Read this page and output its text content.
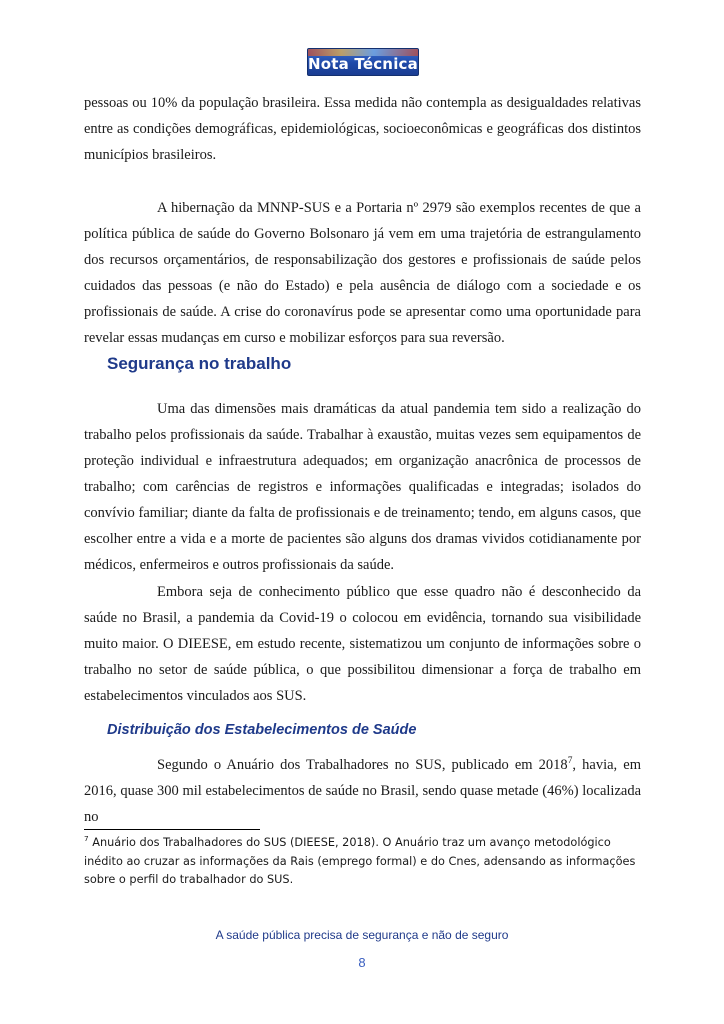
Nota Técnica

pessoas ou 10% da população brasileira. Essa medida não contempla as desigualdades relativas entre as condições demográficas, epidemiológicas, socioeconômicas e geográficas dos distintos municípios brasileiros.

A hibernação da MNNP-SUS e a Portaria nº 2979 são exemplos recentes de que a política pública de saúde do Governo Bolsonaro já vem em uma trajetória de estrangulamento dos recursos orçamentários, de responsabilização dos gestores e profissionais de saúde pelos cuidados das pessoas (e não do Estado) e pela ausência de diálogo com a sociedade e os profissionais de saúde. A crise do coronavírus pode se apresentar como uma oportunidade para revelar essas mudanças em curso e mobilizar esforços para sua reversão.

Segurança no trabalho

Uma das dimensões mais dramáticas da atual pandemia tem sido a realização do trabalho pelos profissionais da saúde. Trabalhar à exaustão, muitas vezes sem equipamentos de proteção individual e infraestrutura adequados; em organização anacrônica de processos de trabalho; com carências de registros e informações qualificadas e integradas; isolados do convívio familiar; diante da falta de profissionais e de treinamento; tendo, em alguns casos, que escolher entre a vida e a morte de pacientes são alguns dos dramas vividos cotidianamente por médicos, enfermeiros e outros profissionais da saúde.

Embora seja de conhecimento público que esse quadro não é desconhecido da saúde no Brasil, a pandemia da Covid-19 o colocou em evidência, tornando sua visibilidade muito maior. O DIEESE, em estudo recente, sistematizou um conjunto de informações sobre o trabalho no setor de saúde pública, o que possibilitou dimensionar a força de trabalho em estabelecimentos vinculados aos SUS.

Distribuição dos Estabelecimentos de Saúde

Segundo o Anuário dos Trabalhadores no SUS, publicado em 2018$^7$, havia, em 2016, quase 300 mil estabelecimentos de saúde no Brasil, sendo quase metade (46%) localizada no

$^7$ Anuário dos Trabalhadores do SUS (DIEESE, 2018). O Anuário traz um avanço metodológico inédito ao cruzar as informações da Rais (emprego formal) e do Cnes, adensando as informações sobre o perfil do trabalhador do SUS.
A saúde pública precisa de segurança e não de seguro
8
